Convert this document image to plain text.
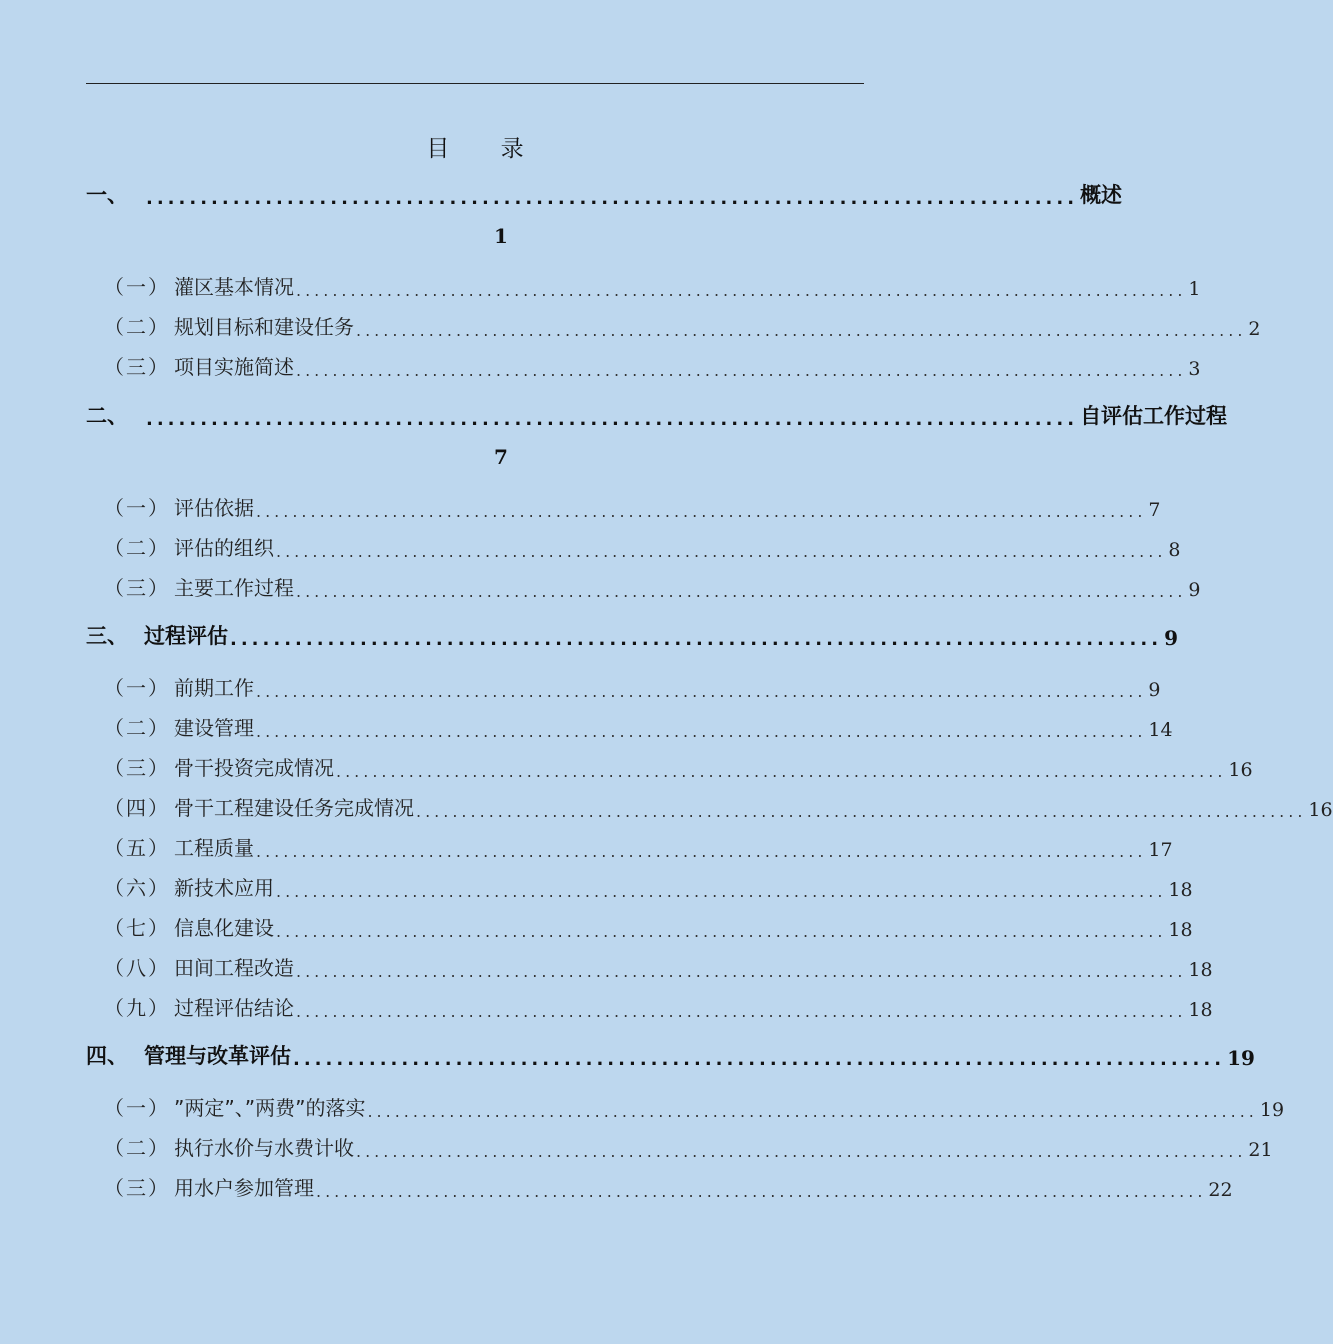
目 录
一、	...................................................................................... 概述
1
（一） 灌区基本情况 .................................................................................................. 1
（二） 规划目标和建设任务 .................................................................................................. 2
（三） 项目实施简述 .................................................................................................. 3
二、	...................................................................................... 自评估工作过程
7
（一） 评估依据 .................................................................................................. 7
（二） 评估的组织 .................................................................................................. 8
（三） 主要工作过程 .................................................................................................. 9
三、 过程评估 ...................................................................................... 9
（一） 前期工作 .................................................................................................. 9
（二） 建设管理 .................................................................................................. 14
（三） 骨干投资完成情况 .................................................................................................. 16
（四） 骨干工程建设任务完成情况 .................................................................................................. 16
（五） 工程质量 .................................................................................................. 17
（六） 新技术应用 .................................................................................................. 18
（七） 信息化建设 .................................................................................................. 18
（八） 田间工程改造 .................................................................................................. 18
（九） 过程评估结论 .................................................................................................. 18
四、 管理与改革评估 ...................................................................................... 19
（一） ”两定”、”两费”的落实 .................................................................................................. 19
（二） 执行水价与水费计收 .................................................................................................. 21
（三） 用水户参加管理 .................................................................................................. 22
